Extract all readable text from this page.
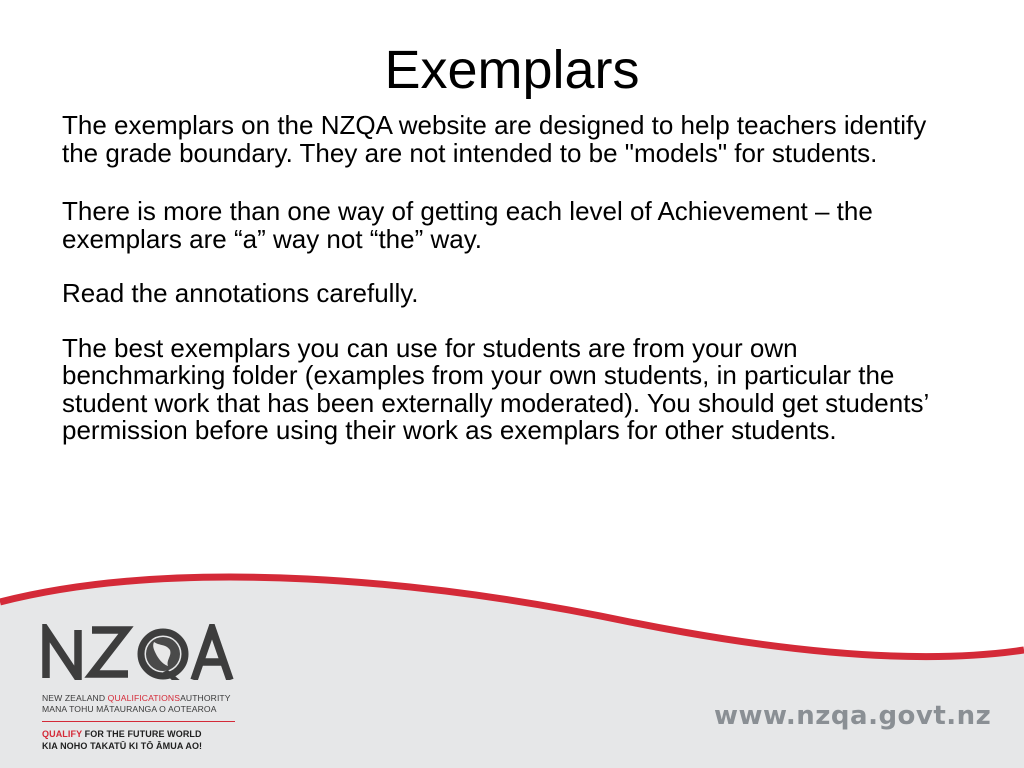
Exemplars

The exemplars on the NZQA website are designed to help teachers identify the grade boundary. They are not intended to be "models" for students.

There is more than one way of getting each level of Achievement – the exemplars are “a” way not “the” way.

Read the annotations carefully.

The best exemplars you can use for students are from your own benchmarking folder (examples from your own students, in particular the student work that has been externally moderated). You should get students’ permission before using their work as exemplars for other students.

NEW ZEALAND QUALIFICATIONSAUTHORITY
MANA TOHU MĀTAURANGA O AOTEAROA
QUALIFY FOR THE FUTURE WORLD
KIA NOHO TAKATŪ KI TŌ ĀMUA AO!
www.nzqa.govt.nz
